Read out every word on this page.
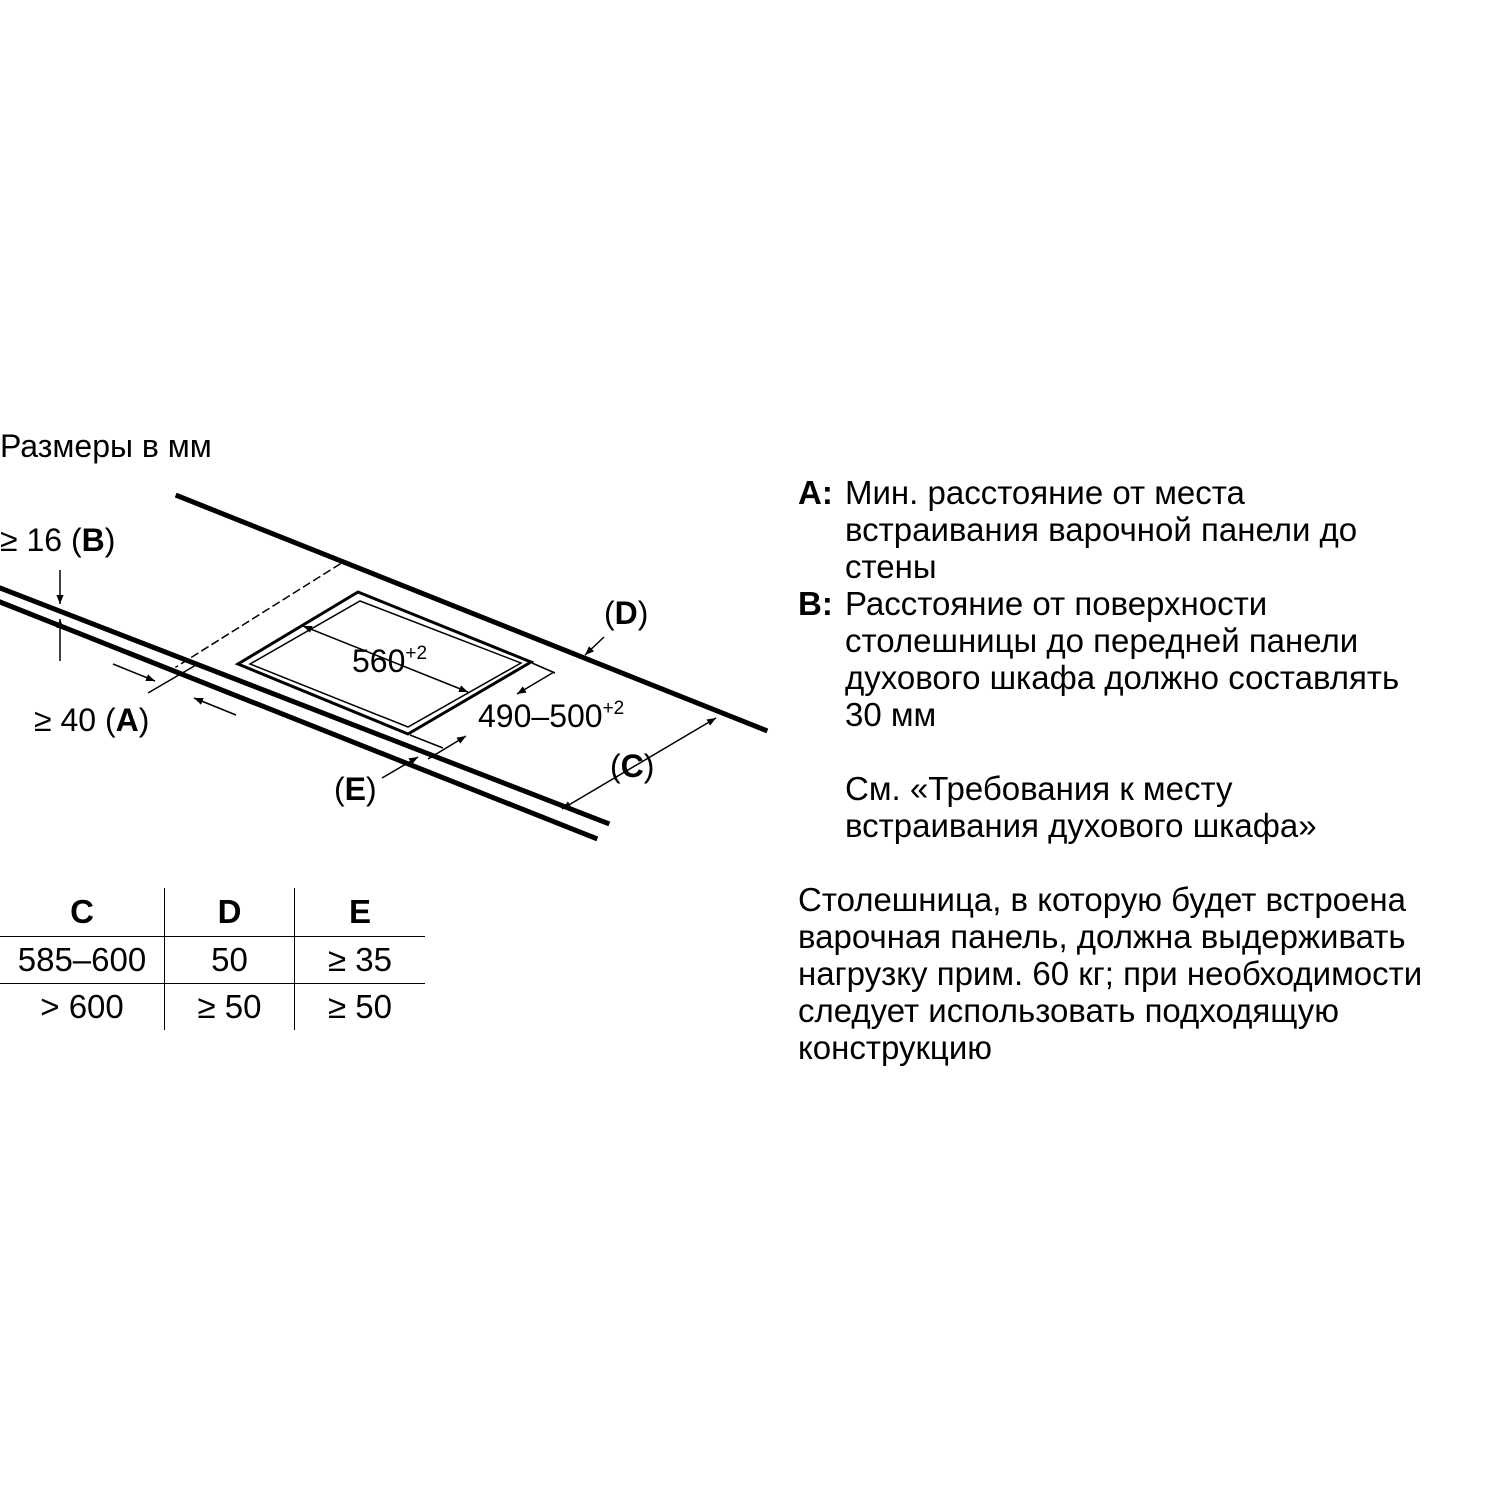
Размеры в мм
≥ 16 (B)
≥ 40 (A)
$560^{+2}$
$490-500^{+2}$
(D)
(C)
(E)
C	D	E
585–600	50	≥ 35
> 600	≥ 50	≥ 50
A: Мин. расстояние от места
встраивания варочной панели до
стены
B: Расстояние от поверхности
столешницы до передней панели
духового шкафа должно составлять
30 мм
См. «Требования к месту
встраивания духового шкафа»
Столешница, в которую будет встроена
варочная панель, должна выдерживать
нагрузку прим. 60 кг; при необходимости
следует использовать подходящую
конструкцию
